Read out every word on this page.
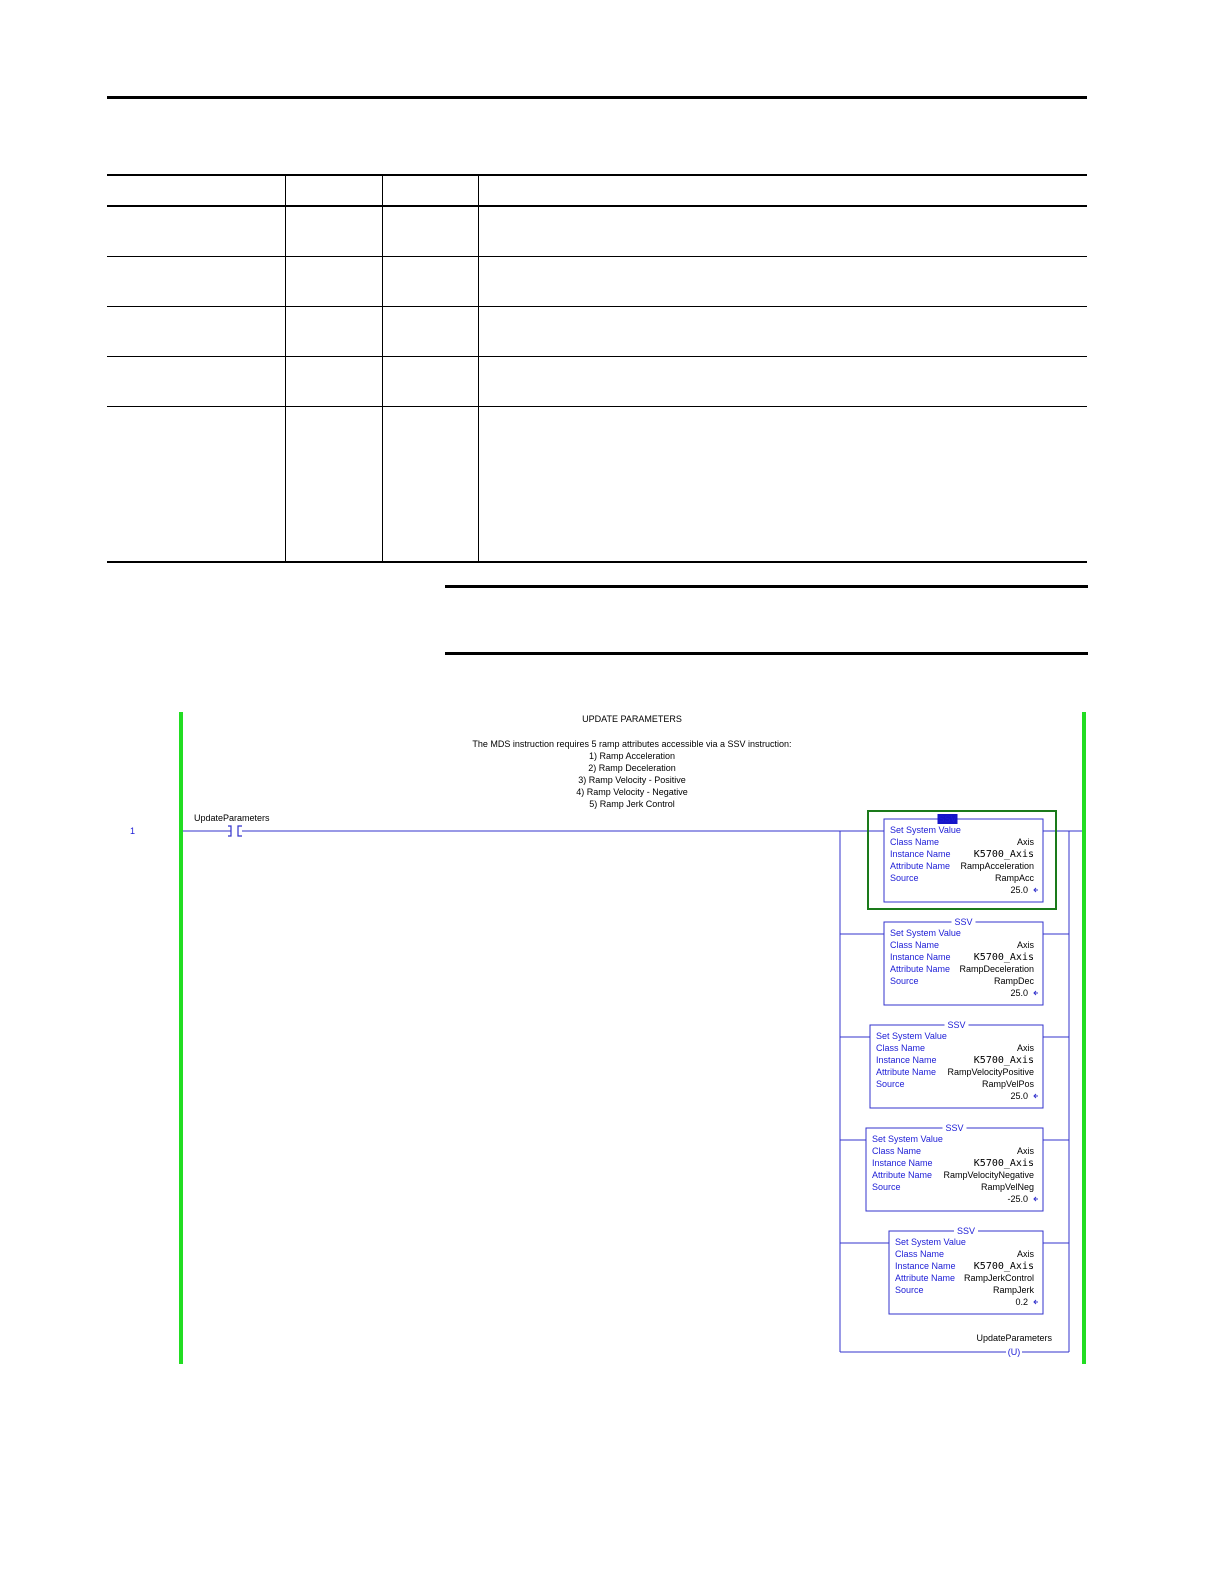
1
UPDATE PARAMETERS
The MDS instruction requires 5 ramp attributes accessible via a SSV instruction:
1) Ramp Acceleration
2) Ramp Deceleration
3) Ramp Velocity - Positive
4) Ramp Velocity - Negative
5) Ramp Jerk Control
UpdateParameters	SSV
Set System Value
Class Name	Axis
Instance Name K5700_Axis
Attribute Name RampAcceleration
Source	RampAcc
25.0
SSV
Set System Value
Class Name	Axis
Instance Name K5700_Axis
Attribute Name RampDeceleration
Source	RampDec
25.0
SSV
Set System Value
Class Name	Axis
Instance Name	K5700_Axis
Attribute Name RampVelocityPositive
Source	RampVelPos
25.0
SSV
Set System Value
Class Name	Axis
Instance Name	K5700_Axis
Attribute Name RampVelocityNegative
Source	RampVelNeg
-25.0
SSV
Set System Value
Class Name	Axis
Instance Name K5700_Axis
Attribute Name RampJerkControl
Source	RampJerk
0.2
UpdateParameters
(U)
